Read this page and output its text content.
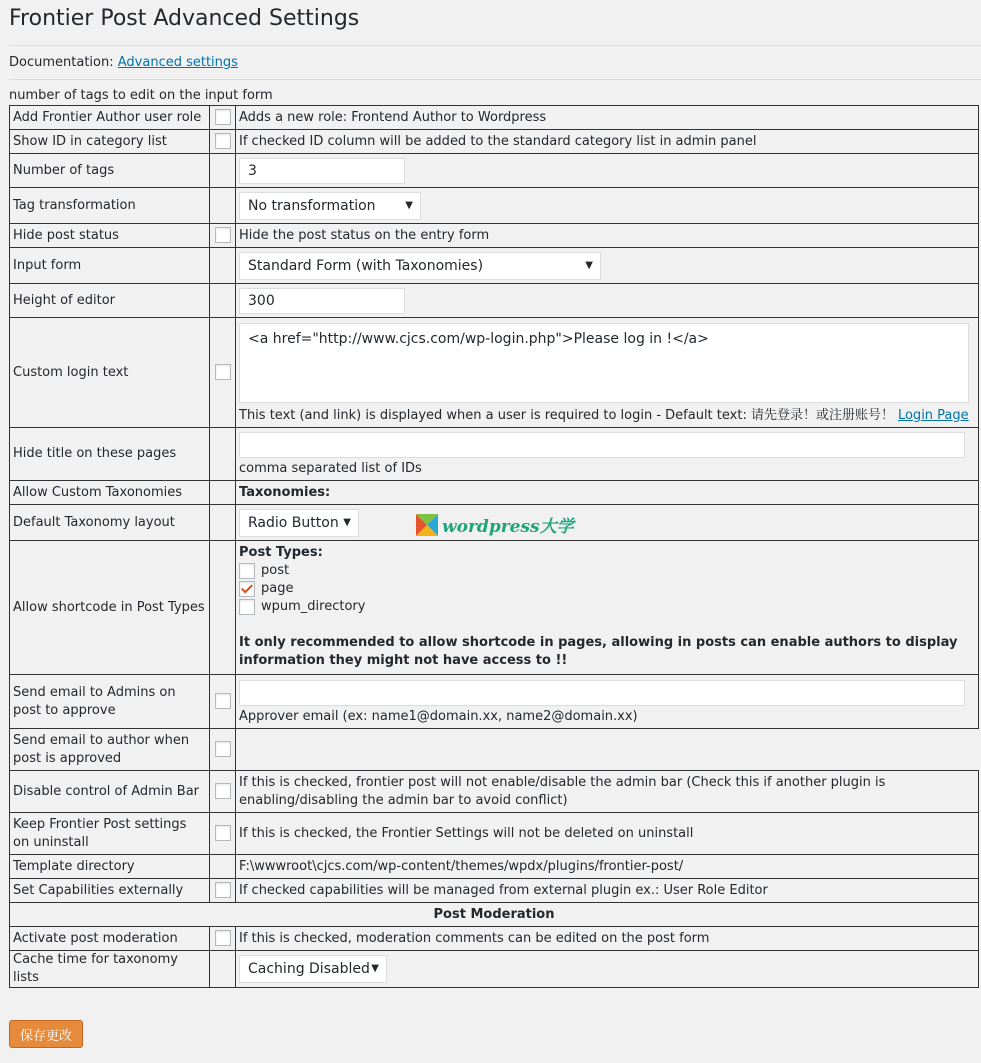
Frontier Post Advanced Settings
Documentation: Advanced settings
number of tags to edit on the input form
Add Frontier Author user role		Adds a new role: Frontend Author to Wordpress
Show ID in category list		If checked ID column will be added to the standard category list in admin panel
Number of tags		3
Tag transformation		No transformation ▼

Hide post status		Hide the post status on the entry form
Input form		Standard Form (with Taxonomies) ▼

Height of editor		300
Custom login text		<a href="http://www.cjcs.com/wp-login.php">Please log in !</a>
This text (and link) is displayed when a user is required to login - Default text: 请先登录！或注册账号！ Login Page

Hide title on these pages		comma separated list of IDs

Allow Custom Taxonomies		Taxonomies:
Default Taxonomy layout		Radio Button ▼

Allow shortcode in Post Types		Post Types:
post
page
wpum_directory
It only recommended to allow shortcode in pages, allowing in posts can enable authors to display information they might not have access to !!

Send email to Admins on post to approve		Approver email (ex: name1@domain.xx, name2@domain.xx)

Send email to author when post is approved		
Disable control of Admin Bar		If this is checked, frontier post will not enable/disable the admin bar (Check this if another plugin is enabling/disabling the admin bar to avoid conflict)
Keep Frontier Post settings on uninstall		If this is checked, the Frontier Settings will not be deleted on uninstall
Template directory		F:\wwwroot\cjcs.com/wp-content/themes/wpdx/plugins/frontier-post/
Set Capabilities externally		If checked capabilities will be managed from external plugin ex.: User Role Editor
Post Moderation		
Activate post moderation		If this is checked, moderation comments can be edited on the post form
Cache time for taxonomy lists		Caching Disabled ▼
wordpress大学
保存更改
